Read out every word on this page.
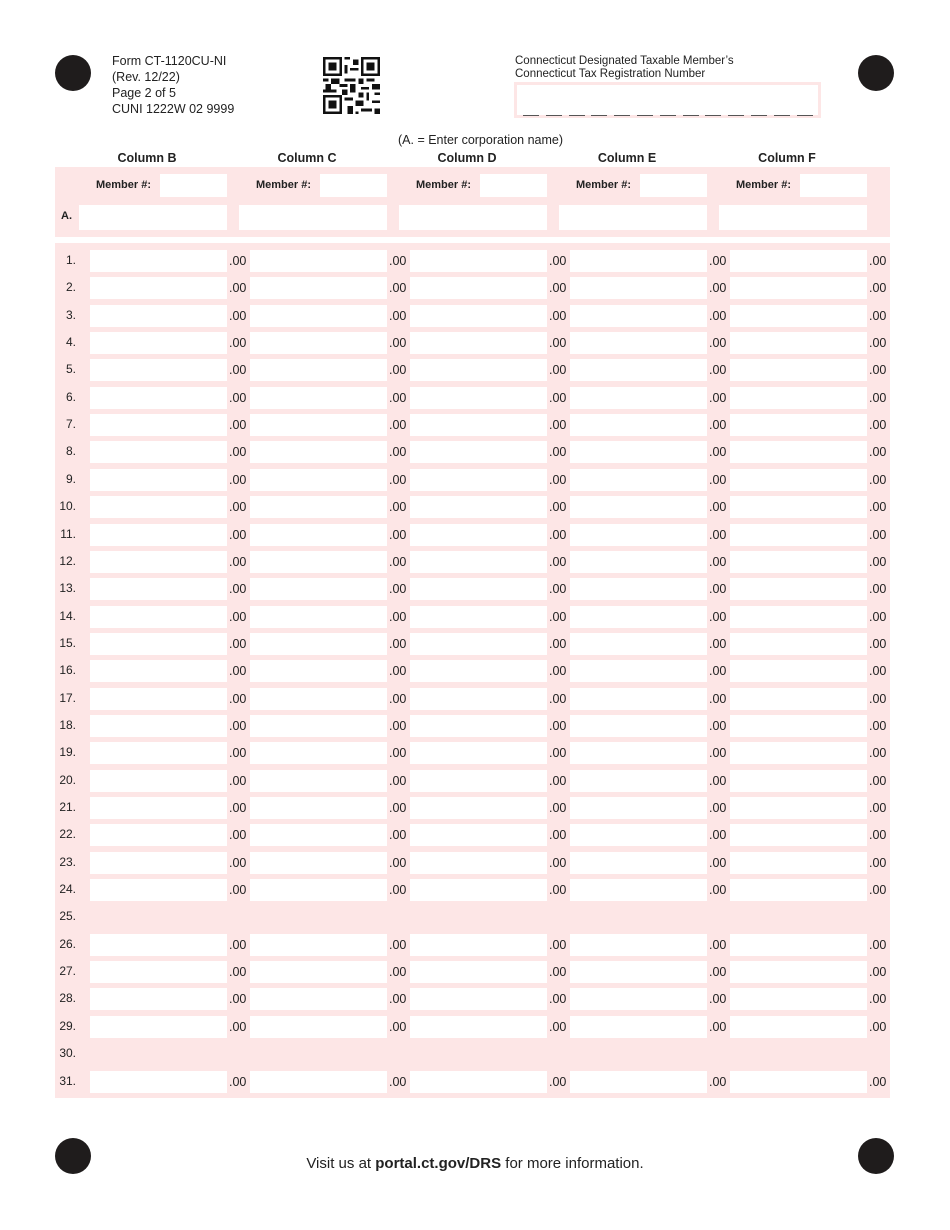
Form CT-1120CU-NI
(Rev. 12/22)
Page 2 of 5
CUNI 1222W 02 9999
Connecticut Designated Taxable Member’s
Connecticut Tax Registration Number
(A. = Enter corporation name)
Column B	Column C	Column D	Column E	Column F
Member #:	Member #:	Member #:	Member #:	Member #:
A.
1.	.00	.00	.00	.00	.00
2.	.00	.00	.00	.00	.00
3.	.00	.00	.00	.00	.00
4.	.00	.00	.00	.00	.00
5.	.00	.00	.00	.00	.00
6.	.00	.00	.00	.00	.00
7.	.00	.00	.00	.00	.00
8.	.00	.00	.00	.00	.00
9.	.00	.00	.00	.00	.00
10.	.00	.00	.00	.00	.00
11.	.00	.00	.00	.00	.00
12.	.00	.00	.00	.00	.00
13.	.00	.00	.00	.00	.00
14.	.00	.00	.00	.00	.00
15.	.00	.00	.00	.00	.00
16.	.00	.00	.00	.00	.00
17.	.00	.00	.00	.00	.00
18.	.00	.00	.00	.00	.00
19.	.00	.00	.00	.00	.00
20.	.00	.00	.00	.00	.00
21.	.00	.00	.00	.00	.00
22.	.00	.00	.00	.00	.00
23.	.00	.00	.00	.00	.00
24.	.00	.00	.00	.00	.00
25.
26.	.00	.00	.00	.00	.00
27.	.00	.00	.00	.00	.00
28.	.00	.00	.00	.00	.00
29.	.00	.00	.00	.00	.00
30.
31.	.00	.00	.00	.00	.00
Visit us at portal.ct.gov/DRS for more information.
